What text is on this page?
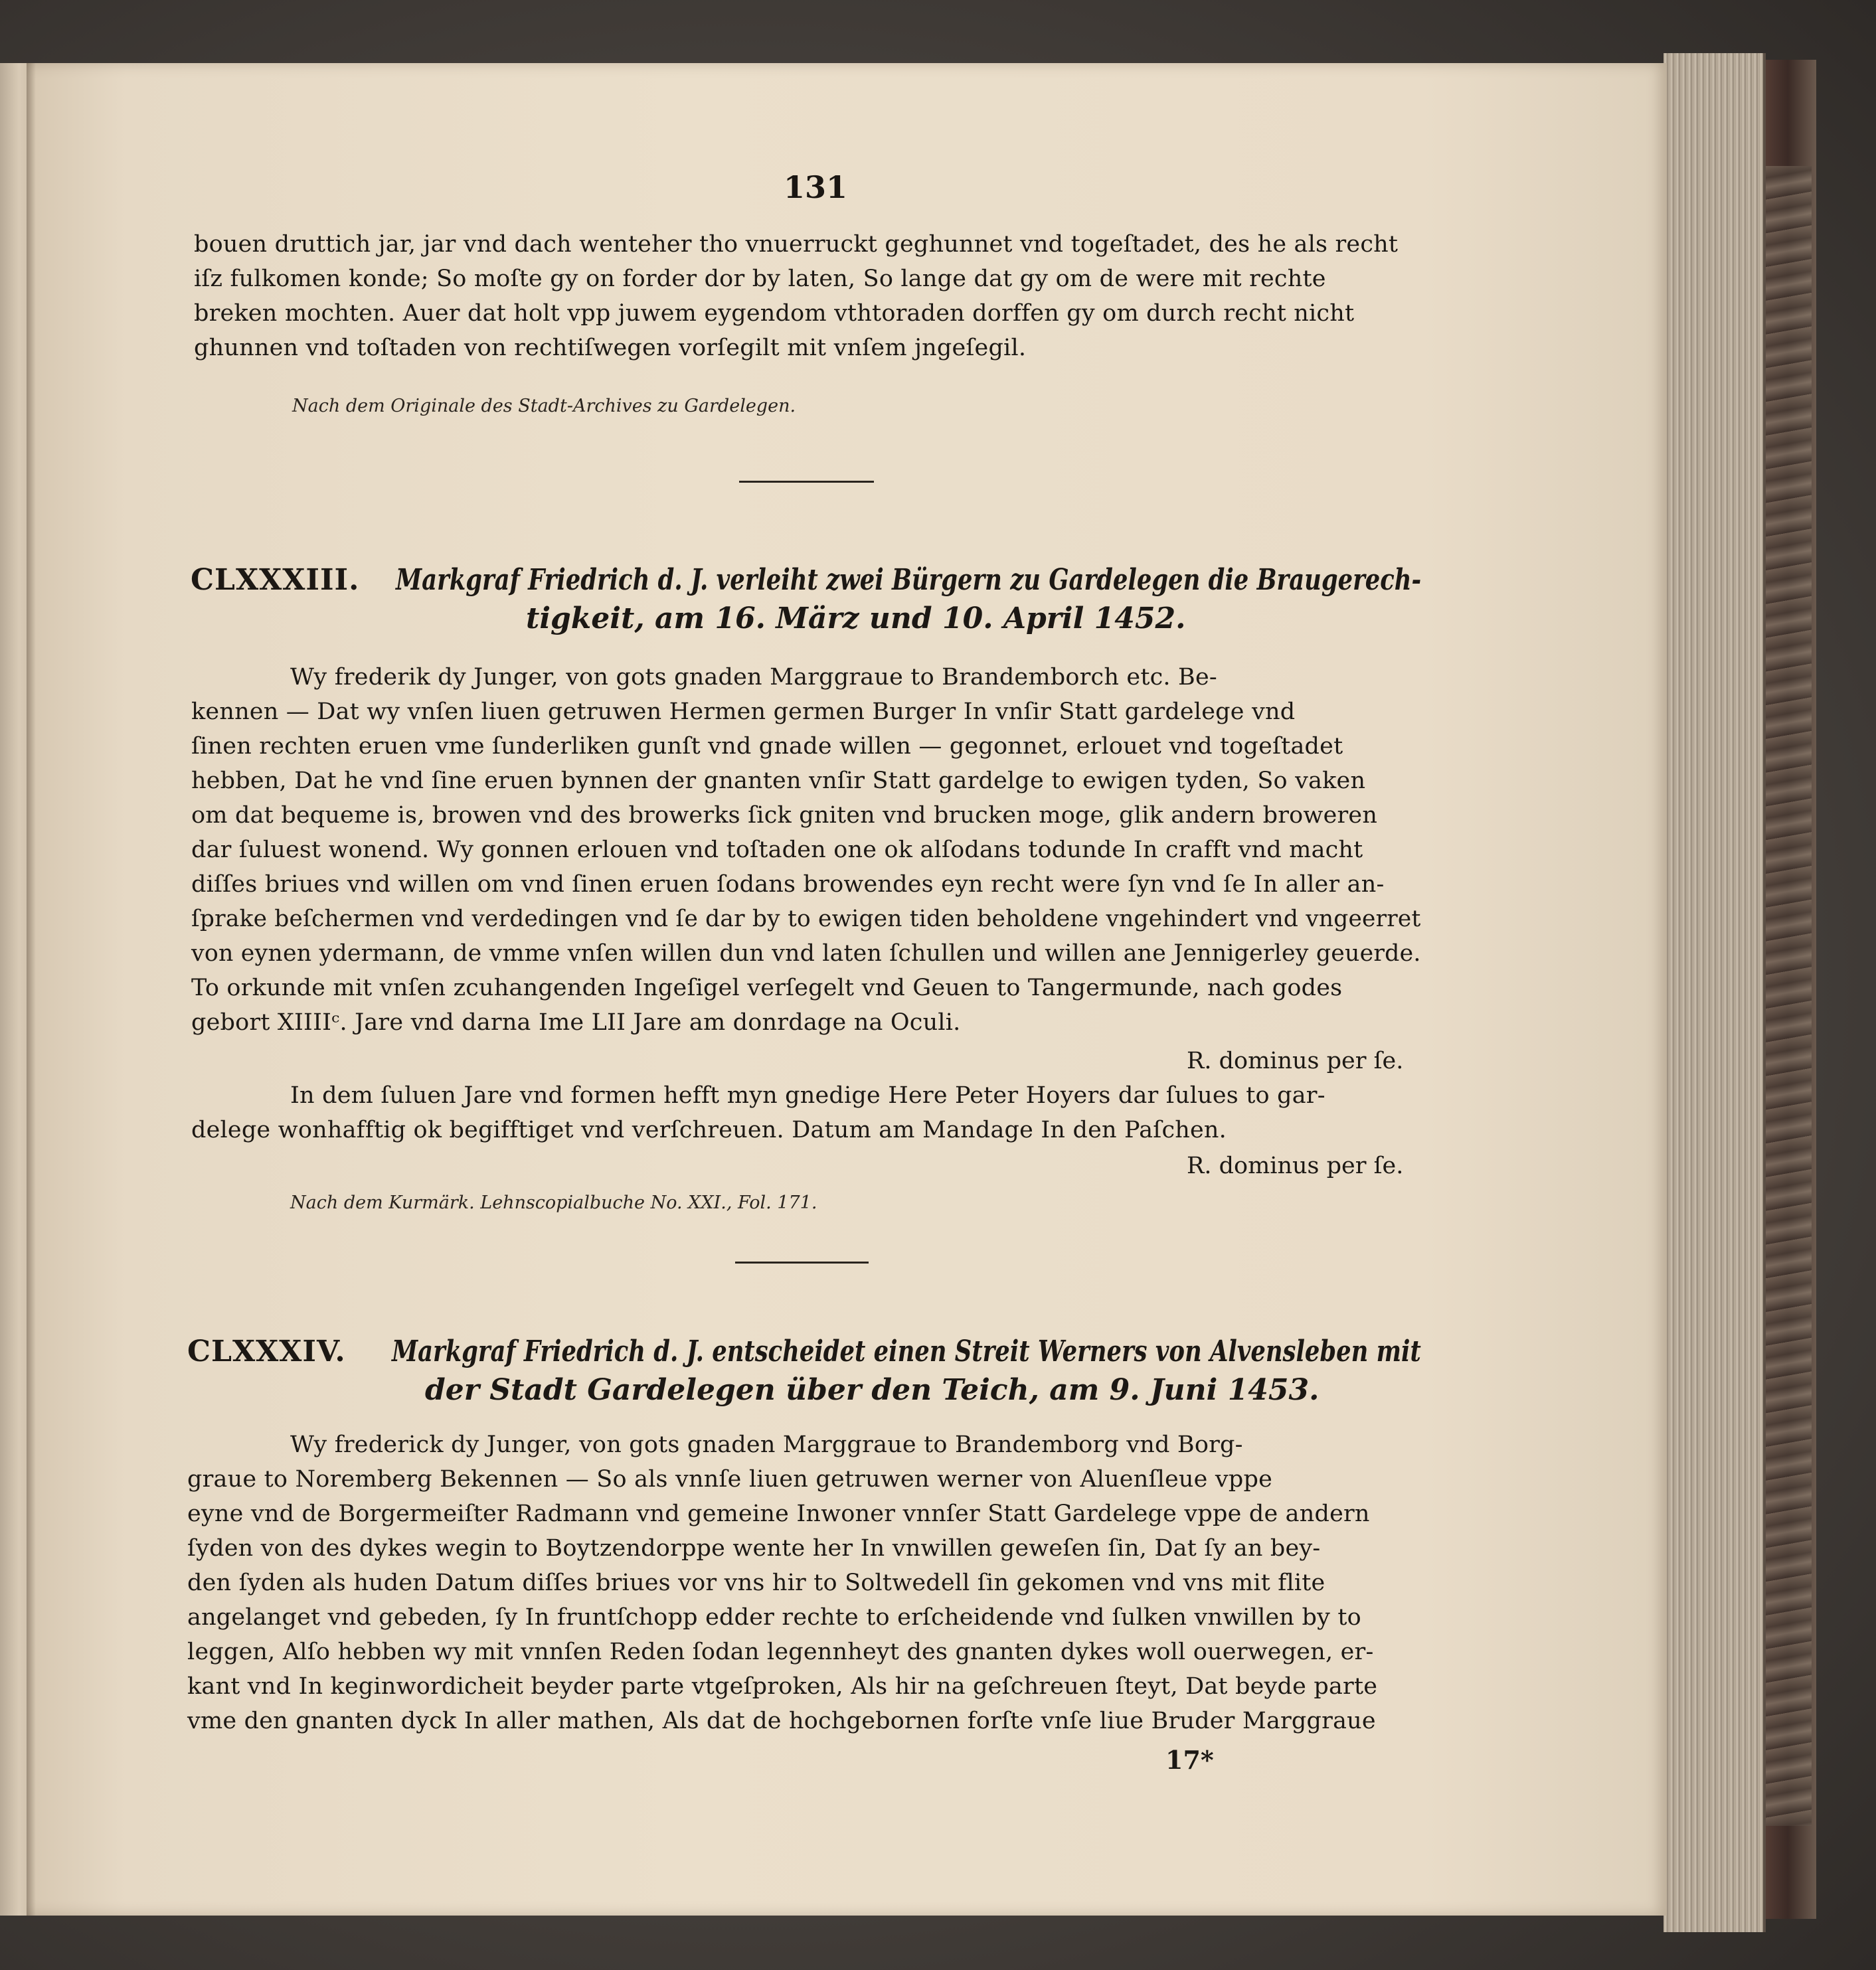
131
bouen druttich jar, jar vnd dach wenteher tho vnuerruckt geghunnet vnd togeſtadet, des he als recht
iſz fulkomen konde; So moſte gy on forder dor by laten, So lange dat gy om de were mit rechte
breken mochten. Auer dat holt vpp juwem eygendom vthtoraden dorffen gy om durch recht nicht
ghunnen vnd toſtaden von rechtiſwegen vorſegilt mit vnſem jngeſegil.
Nach dem Originale des Stadt-Archives zu Gardelegen.
CLXXXIII. Markgraf Friedrich d. J. verleiht zwei Bürgern zu Gardelegen die Braugerech-
tigkeit, am 16. März und 10. April 1452.
Wy frederik dy Junger, von gots gnaden Marggraue to Brandemborch etc. Be-
kennen — Dat wy vnſen liuen getruwen Hermen germen Burger In vnſir Statt gardelege vnd
ſinen rechten eruen vme ſunderliken gunſt vnd gnade willen — gegonnet, erlouet vnd togeſtadet
hebben, Dat he vnd ſine eruen bynnen der gnanten vnſir Statt gardelge to ewigen tyden, So vaken
om dat bequeme is, browen vnd des browerks ſick gniten vnd brucken moge, glik andern broweren
dar ſuluest wonend. Wy gonnen erlouen vnd toſtaden one ok alſodans todunde In crafft vnd macht
diſſes briues vnd willen om vnd ſinen eruen ſodans browendes eyn recht were ſyn vnd ſe In aller an-
ſprake beſchermen vnd verdedingen vnd ſe dar by to ewigen tiden beholdene vngehindert vnd vngeerret
von eynen ydermann, de vmme vnſen willen dun vnd laten ſchullen und willen ane Jennigerley geuerde.
To orkunde mit vnſen zcuhangenden Ingeſigel verſegelt vnd Geuen to Tangermunde, nach godes
gebort XIIIIᶜ. Jare vnd darna Ime LII Jare am donrdage na Oculi.
R. dominus per ſe.
In dem ſuluen Jare vnd formen hefft myn gnedige Here Peter Hoyers dar ſulues to gar-
delege wonhafftig ok begifftiget vnd verſchreuen. Datum am Mandage In den Paſchen.
R. dominus per ſe.
Nach dem Kurmärk. Lehnscopialbuche No. XXI., Fol. 171.
CLXXXIV. Markgraf Friedrich d. J. entscheidet einen Streit Werners von Alvensleben mit
der Stadt Gardelegen über den Teich, am 9. Juni 1453.
Wy frederick dy Junger, von gots gnaden Marggraue to Brandemborg vnd Borg-
graue to Noremberg Bekennen — So als vnnſe liuen getruwen werner von Aluenſleue vppe
eyne vnd de Borgermeiſter Radmann vnd gemeine Inwoner vnnſer Statt Gardelege vppe de andern
ſyden von des dykes wegin to Boytzendorppe wente her In vnwillen geweſen ſin, Dat ſy an bey-
den ſyden als huden Datum diſſes briues vor vns hir to Soltwedell ſin gekomen vnd vns mit flite
angelanget vnd gebeden, ſy In fruntſchopp edder rechte to erſcheidende vnd ſulken vnwillen by to
leggen, Alſo hebben wy mit vnnſen Reden ſodan legennheyt des gnanten dykes woll ouerwegen, er-
kant vnd In keginwordicheit beyder parte vtgeſproken, Als hir na geſchreuen ſteyt, Dat beyde parte
vme den gnanten dyck In aller mathen, Als dat de hochgebornen forſte vnſe liue Bruder Marggraue
17*
